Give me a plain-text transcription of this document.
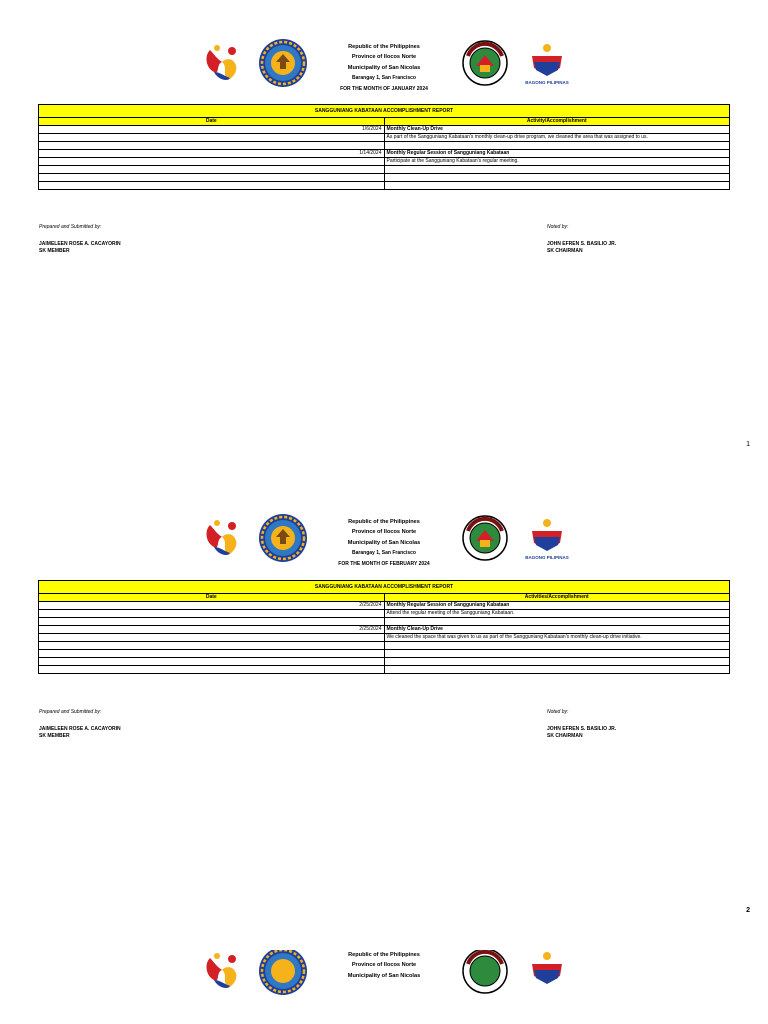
Republic of the Philippines
Province of Ilocos Norte
Municipality of San Nicolas
Barangay 1, San Francisco
FOR THE MONTH OF JANUARY 2024
BAGONG PILIPINAS
SANGGUNIANG KABATAAN ACCOMPLISHMENT REPORT	
Date	Activity/Accomplishment
1/6/2024	Monthly Clean-Up Drive
	As part of the Sangguniang Kabataan's monthly clean-up drive program, we cleaned the area that was assigned to us.

1/14/2024	Monthly Regular Session of Sangguniang Kabataan
	Participate at the Sangguniang Kabataan's regular meeting.

Prepared and Submitted by:
JAIMELEEN ROSE A. CACAYORIN
SK MEMBER
Noted by:
JOHN EFREN S. BASILIO JR.
SK CHAIRMAN
1
Republic of the Philippines
Province of Ilocos Norte
Municipality of San Nicolas
Barangay 1, San Francisco
FOR THE MONTH OF FEBRUARY 2024
BAGONG PILIPINAS
SANGGUNIANG KABATAAN ACCOMPLISHMENT REPORT	
Date	Activities/Accomplishment
2/25/2024	Monthly Regular Session of Sangguniang Kabataan
	Attend the regular meeting of the Sangguniang Kabataan.

2/25/2024	Monthly Clean-Up Drive
	We cleaned the space that was given to us as part of the Sangguniang Kabataan's monthly clean-up drive initiative.

Prepared and Submitted by:
JAIMELEEN ROSE A. CACAYORIN
SK MEMBER
Noted by:
JOHN EFREN S. BASILIO JR.
SK CHAIRMAN
2
Republic of the Philippines
Province of Ilocos Norte
Municipality of San Nicolas
